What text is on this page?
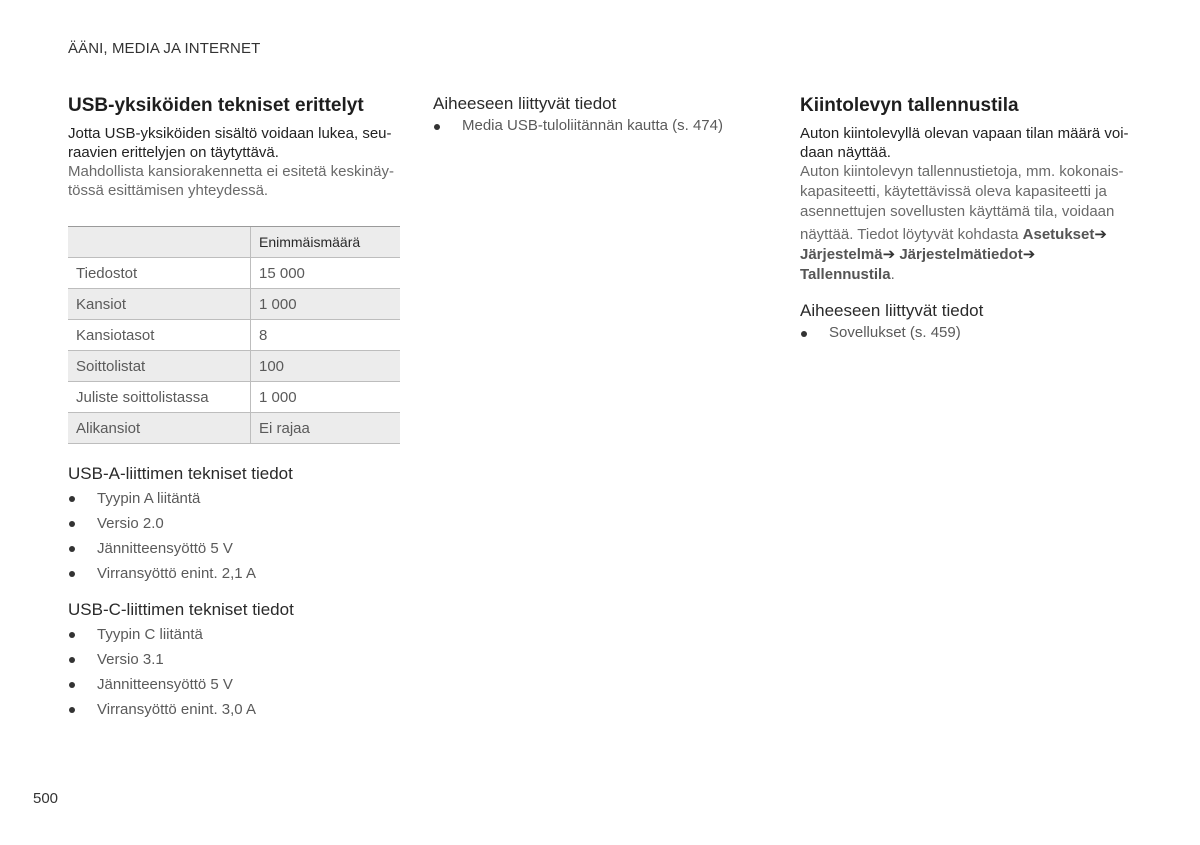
ÄÄNI, MEDIA JA INTERNET
USB-yksiköiden tekniset erittelyt

Jotta USB-yksiköiden sisältö voidaan lukea, seu-
raavien erittelyjen on täytyttävä.

Mahdollista kansiorakennetta ei esitetä keskinäy-
tössä esittämisen yhteydessä.

	Enimmäismäärä
Tiedostot	15 000
Kansiot	1 000
Kansiotasot	8
Soittolistat	100
Juliste soittolistassa	1 000
Alikansiot	Ei rajaa
USB-A-liittimen tekniset tiedot
Tyypin A liitäntä
Versio 2.0
Jännitteensyöttö 5 V
Virransyöttö enint. 2,1 A
USB-C-liittimen tekniset tiedot
Tyypin C liitäntä
Versio 3.1
Jännitteensyöttö 5 V
Virransyöttö enint. 3,0 A
Aiheeseen liittyvät tiedot
Media USB-tuloliitännän kautta (s. 474)
Kiintolevyn tallennustila

Auton kiintolevyllä olevan vapaan tilan määrä voi-
daan näyttää.

Auton kiintolevyn tallennustietoja, mm. kokonais-
kapasiteetti, käytettävissä oleva kapasiteetti ja
asennettujen sovellusten käyttämä tila, voidaan
näyttää. Tiedot löytyvät kohdasta Asetukset➔
Järjestelmä➔ Järjestelmätiedot➔
Tallennustila.

Aiheeseen liittyvät tiedot
Sovellukset (s. 459)
500
